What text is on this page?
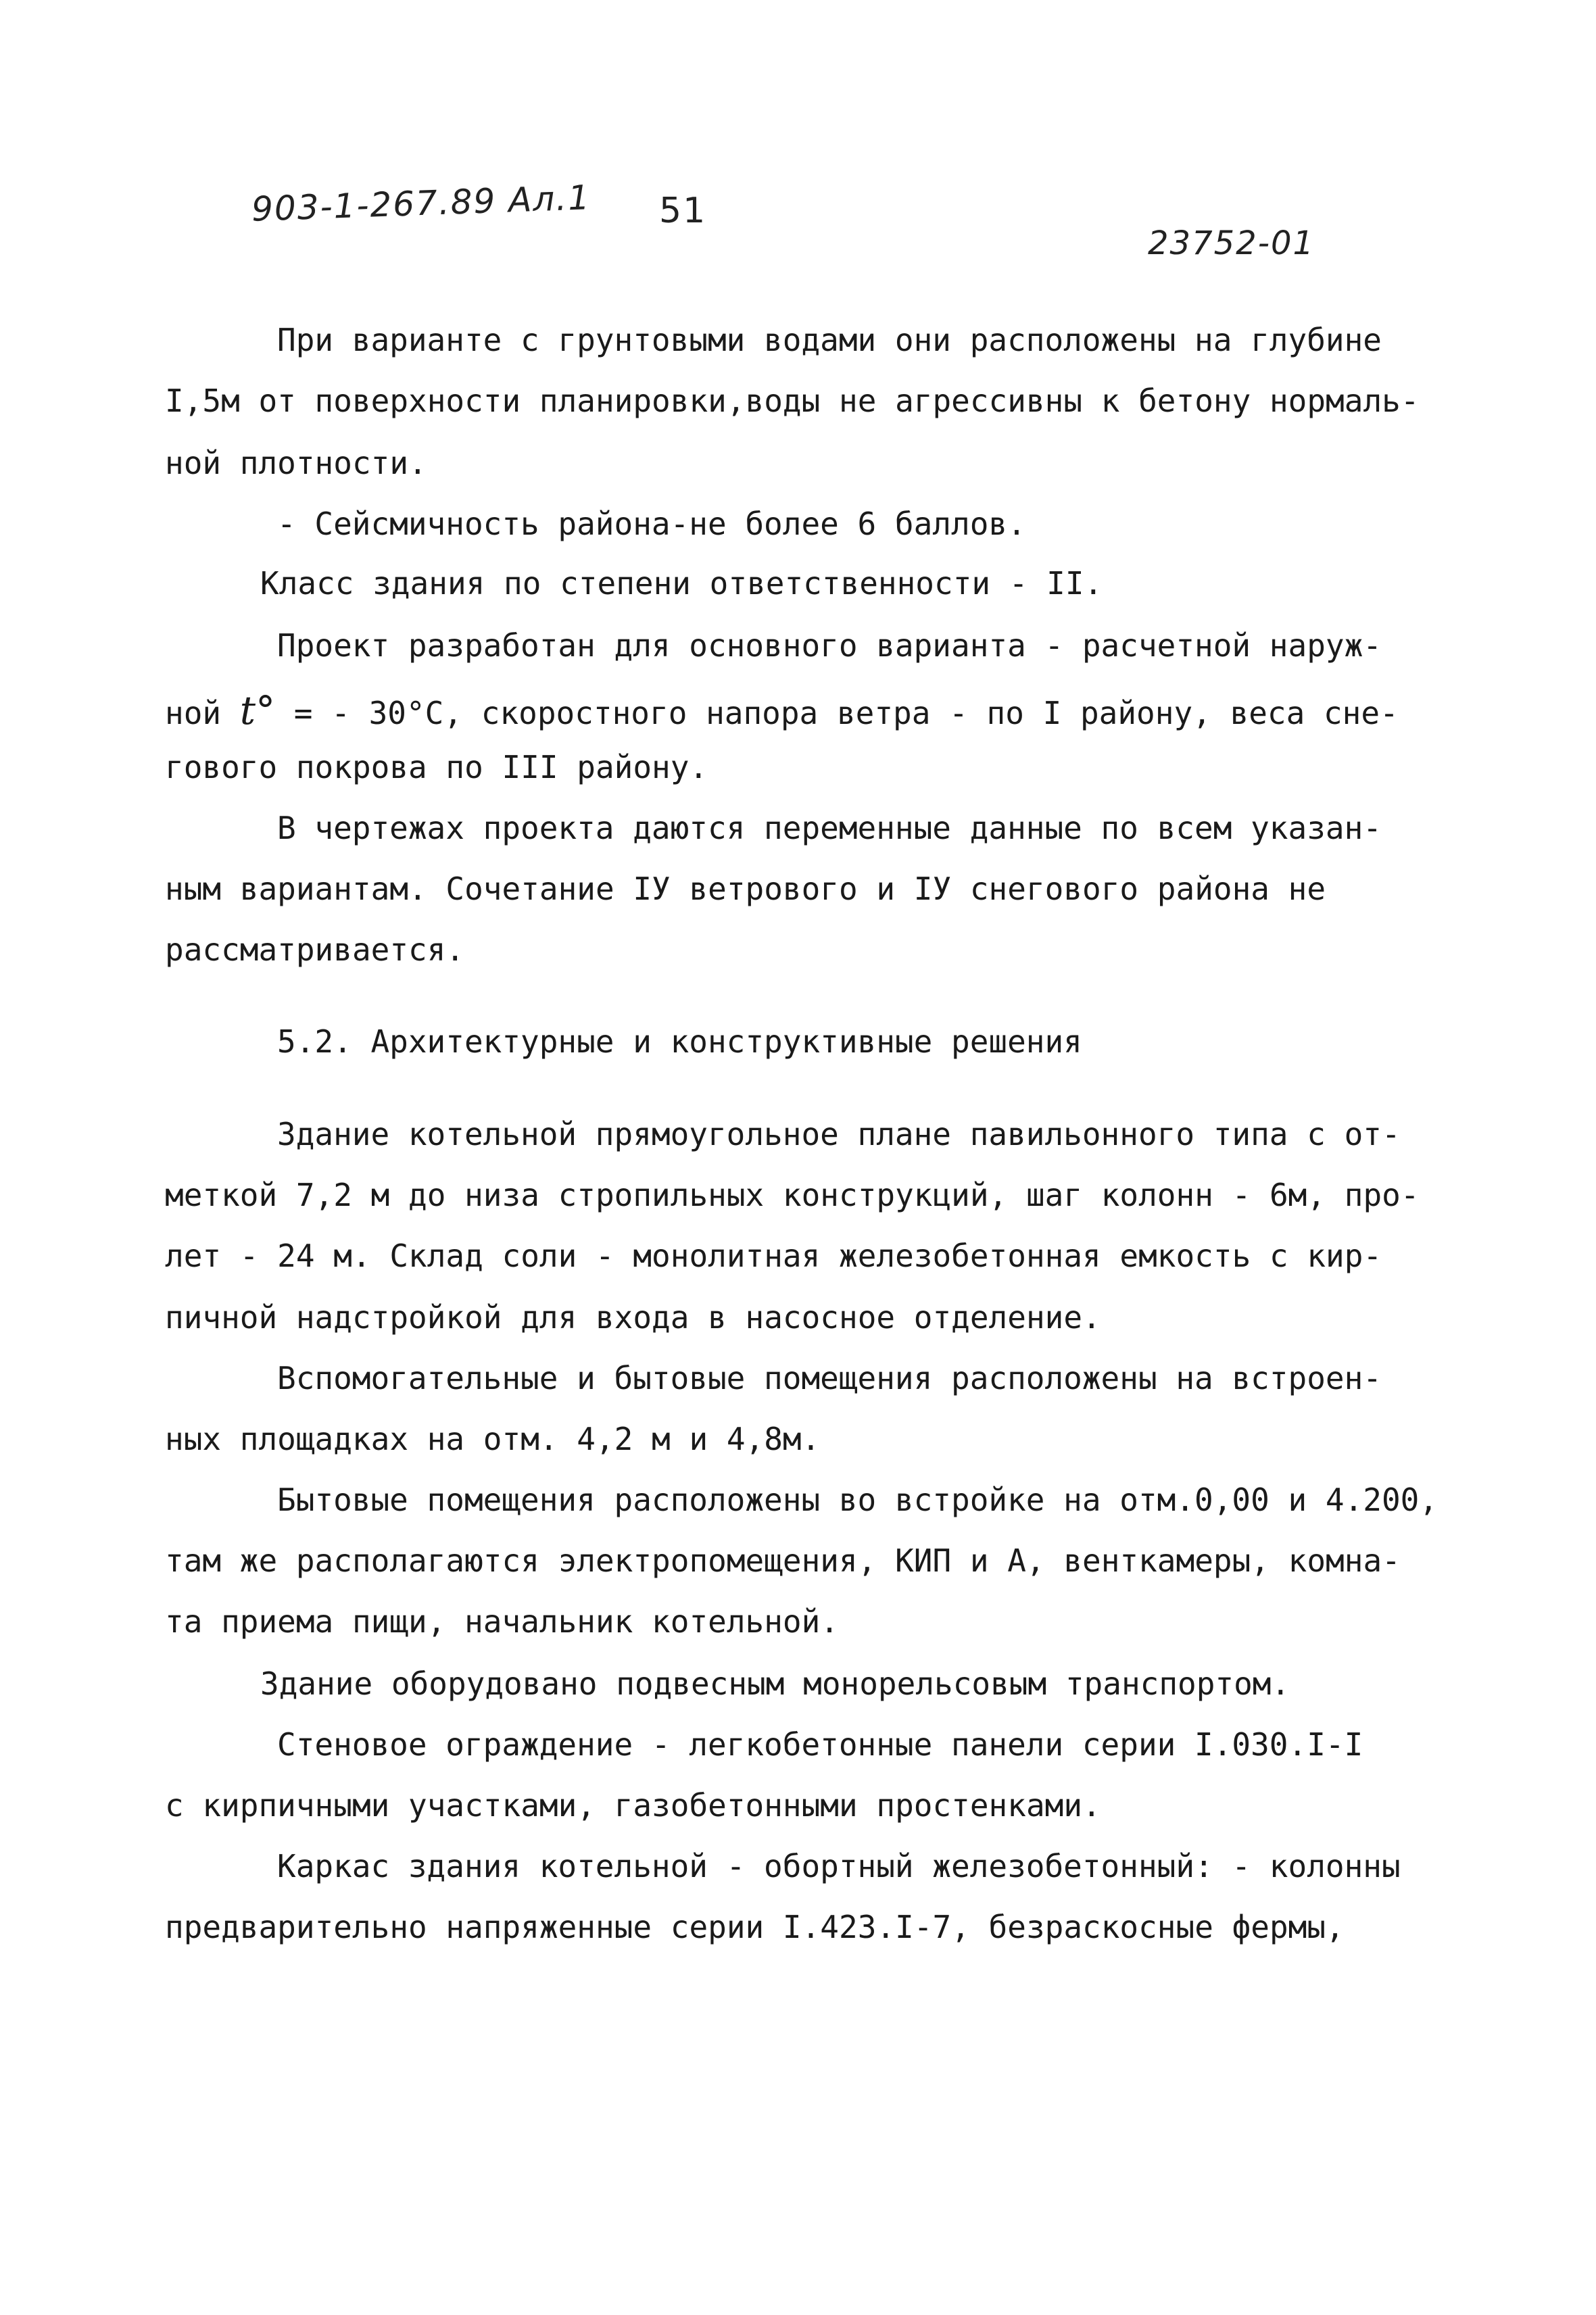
903-1-267.89 Ал.1 51
23752-01
При варианте с грунтовыми водами они расположены на глубине
I,5м от поверхности планировки,воды не агрессивны к бетону нормаль-
ной плотности.
- Сейсмичность района-не более 6 баллов.
Класс здания по степени ответственности - II.
Проект разработан для основного варианта - расчетной наруж-
ной t° = - 30°С, скоростного напора ветра - по I району, веса сне-
гового покрова по III району.
В чертежах проекта даются переменные данные по всем указан-
ным вариантам. Сочетание IУ ветрового и IУ снегового района не
рассматривается.
5.2. Архитектурные и конструктивные решения
Здание котельной прямоугольное плане павильонного типа с от-
меткой 7,2 м до низа стропильных конструкций, шаг колонн - 6м, про-
лет - 24 м. Склад соли - монолитная железобетонная емкость с кир-
пичной надстройкой для входа в насосное отделение.
Вспомогательные и бытовые помещения расположены на встроен-
ных площадках на отм. 4,2 м и 4,8м.
Бытовые помещения расположены во встройке на отм.0,00 и 4.200,
там же располагаются электропомещения, КИП и А, венткамеры, комна-
та приема пищи, начальник котельной.
Здание оборудовано подвесным монорельсовым транспортом.
Стеновое ограждение - легкобетонные панели серии I.030.I-I
с кирпичными участками, газобетонными простенками.
Каркас здания котельной - обортный железобетонный: - колонны
предварительно напряженные серии I.423.I-7, безраскосные фермы,
